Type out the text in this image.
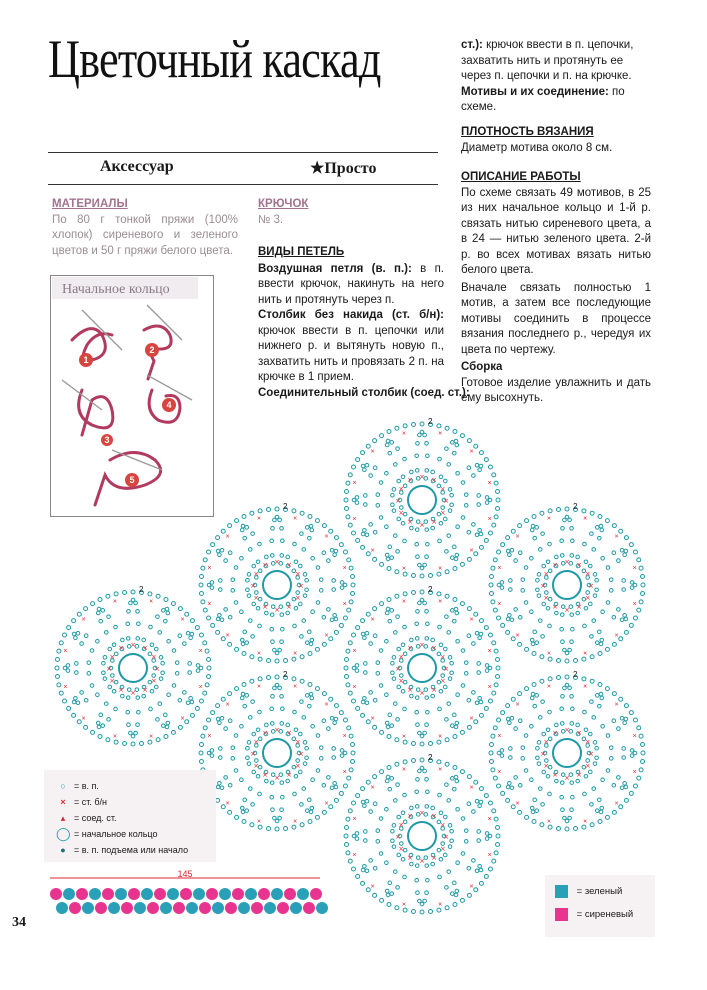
Цветочный каскад	ст.): крючок ввести в п. цепочки, захватить нить и протянуть ее через п. цепочки и п. на крючке.

Мотивы и их соединение: по схеме.

Аксессуар	★Просто

МАТЕРИАЛЫ

По 80 г тонкой пряжи (100% хлопок) сиреневого и зеленого цветов и 50 г пряжи белого цвета.

КРЮЧОК

№ 3.

ВИДЫ ПЕТЕЛЬ

Воздушная петля (в. п.): в п. ввести крючок, накинуть на него нить и протянуть через п.

Столбик без накида (ст. б/н): крючок ввести в п. цепочки или нижнего р. и вытянуть новую п., захватить нить и провязать 2 п. на крючке в 1 прием.

Соединительный столбик (соед. ст.):

ПЛОТНОСТЬ ВЯЗАНИЯ

Диаметр мотива около 8 см.

ОПИСАНИЕ РАБОТЫ

По схеме связать 49 мотивов, в 25 из них начальное кольцо и 1-й р. связать нитью сиреневого цвета, а в 24 — нитью зеленого цвета. 2-й р. во всех мотивах вязать нитью белого цвета.

Вначале связать полностью 1 мотив, а затем все последующие мотивы соединить в процессе вязания последнего р., чередуя их цвета по чертежу.

Сборка

Готовое изделие увлажнить и дать ему высохнуть.

Начальное кольцо
1
2
3
4
5
×
×
×
×
×
×
×
×
× × ×
×
×
×
×
×
×
×
×
×
×	×
×
×
2	×
×
×
×
×
×
×
×
× × ×
×
×
×
×
×
×
×
×
×
×	×
×
×
2
×
×
×
×
×
×
×
×
× × ×
×
×
×
×
×
×
×
×
×	×
×
×
2
×
×
×
×
×
×
×
×
× × ×
×
×
×
×
×
×
×
×
×
×	×
×
×
2
×
×
×
×
×
×
×
×
× × ×
×
×
×
×
×
×
×
×
×
×	×
×
×
2
×
×
×
×
×
×
×
×
× × ×
×
×
×
×
×
×
×
×
×
×	×
×
×
2
×
×
×
×
×
×
×
×
× × ×
×
×
×
×
×
×
×
×
×
×	×
×
×
2
×
×
×
×
×
×
×
×
× × ×
×
×
×
×
×
×
×
×
×
×	×
×
×
2
○ = в. п.
× = ст. б/н
▴ = соед. ст.
◯ = начальное кольцо
● = в. п. подъема или начало
145
= зеленый
= сиреневый
34
